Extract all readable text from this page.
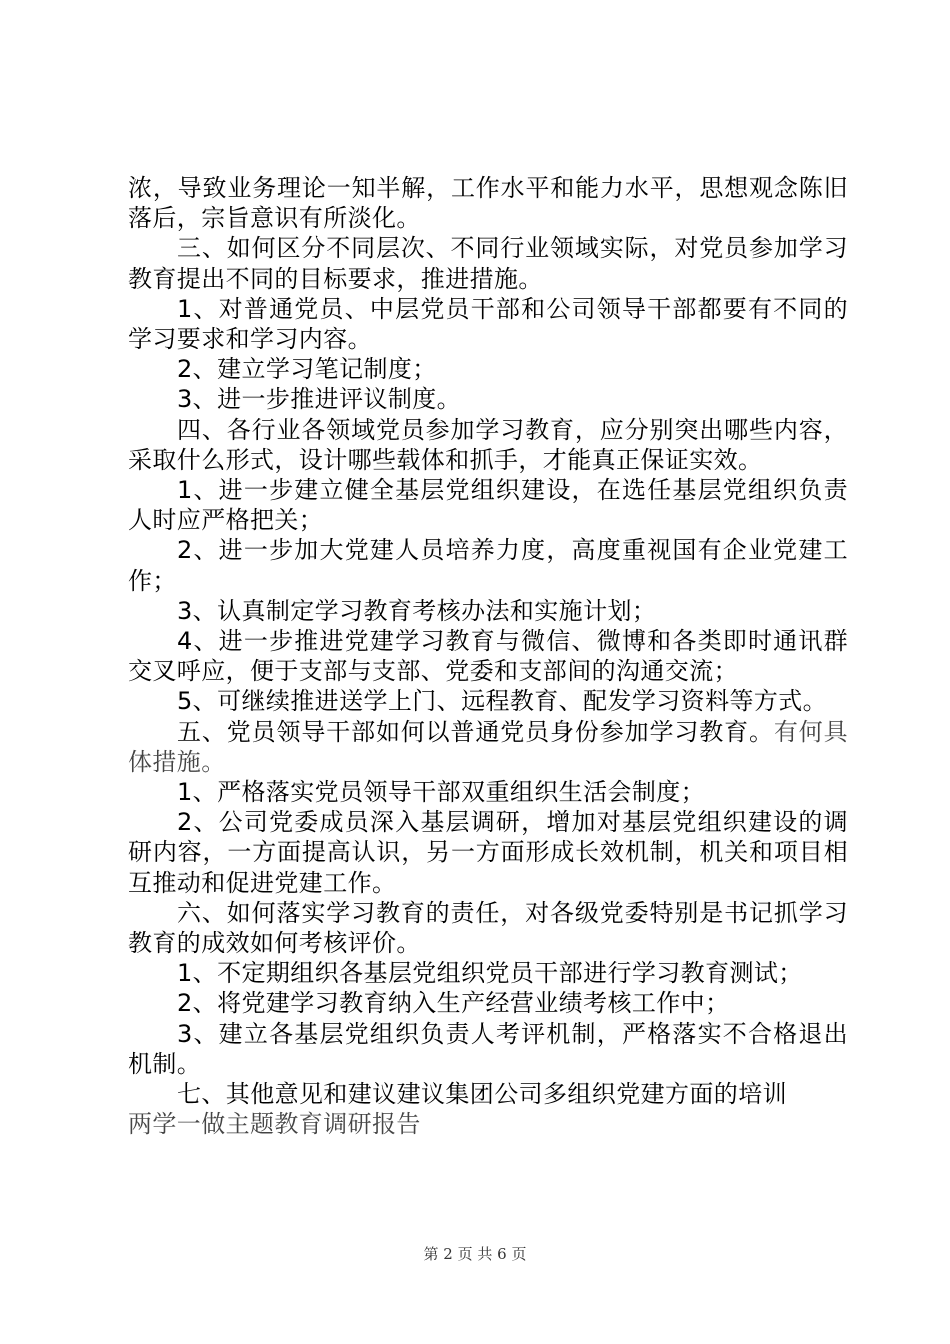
浓，导致业务理论一知半解，工作水平和能力水平，思想观念陈旧落后，宗旨意识有所淡化。

三、如何区分不同层次、不同行业领域实际，对党员参加学习教育提出不同的目标要求，推进措施。

1、对普通党员、中层党员干部和公司领导干部都要有不同的学习要求和学习内容。

2、建立学习笔记制度；

3、进一步推进评议制度。

四、各行业各领域党员参加学习教育，应分别突出哪些内容，采取什么形式，设计哪些载体和抓手，才能真正保证实效。

1、进一步建立健全基层党组织建设，在选任基层党组织负责人时应严格把关；

2、进一步加大党建人员培养力度，高度重视国有企业党建工作；

3、认真制定学习教育考核办法和实施计划；

4、进一步推进党建学习教育与微信、微博和各类即时通讯群交叉呼应，便于支部与支部、党委和支部间的沟通交流；

5、可继续推进送学上门、远程教育、配发学习资料等方式。

五、党员领导干部如何以普通党员身份参加学习教育。有何具体措施。

1、严格落实党员领导干部双重组织生活会制度；

2、公司党委成员深入基层调研，增加对基层党组织建设的调研内容，一方面提高认识，另一方面形成长效机制，机关和项目相互推动和促进党建工作。

六、如何落实学习教育的责任，对各级党委特别是书记抓学习教育的成效如何考核评价。

1、不定期组织各基层党组织党员干部进行学习教育测试；

2、将党建学习教育纳入生产经营业绩考核工作中；

3、建立各基层党组织负责人考评机制，严格落实不合格退出机制。

七、其他意见和建议建议集团公司多组织党建方面的培训

两学一做主题教育调研报告

第 2 页 共 6 页
